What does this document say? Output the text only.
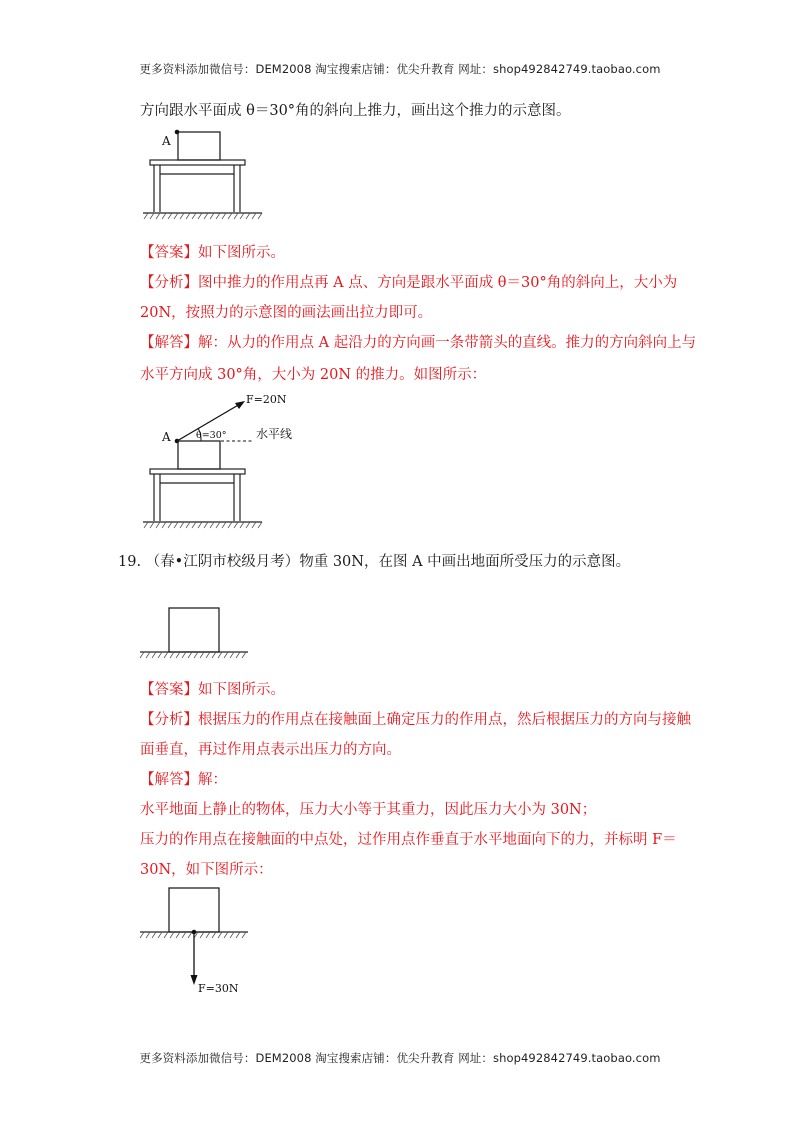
更多资料添加微信号：DEM2008 淘宝搜索店铺：优尖升教育 网址：shop492842749.taobao.com
方向跟水平面成 θ＝30°角的斜向上推力，画出这个推力的示意图。
A
【答案】如下图所示。
【分析】图中推力的作用点再 A 点、方向是跟水平面成 θ＝30°角的斜向上，大小为
20N，按照力的示意图的画法画出拉力即可。
【解答】解：从力的作用点 A 起沿力的方向画一条带箭头的直线。推力的方向斜向上与
水平方向成 30°角，大小为 20N 的推力。如图所示：
F=20N
θ=30° 水平线
A
19. （春•江阴市校级月考）物重 30N，在图 A 中画出地面所受压力的示意图。
【答案】如下图所示。
【分析】根据压力的作用点在接触面上确定压力的作用点，然后根据压力的方向与接触
面垂直，再过作用点表示出压力的方向。
【解答】解：
水平地面上静止的物体，压力大小等于其重力，因此压力大小为 30N；
压力的作用点在接触面的中点处，过作用点作垂直于水平地面向下的力，并标明 F＝
30N，如下图所示：
F=30N
更多资料添加微信号：DEM2008 淘宝搜索店铺：优尖升教育 网址：shop492842749.taobao.com
